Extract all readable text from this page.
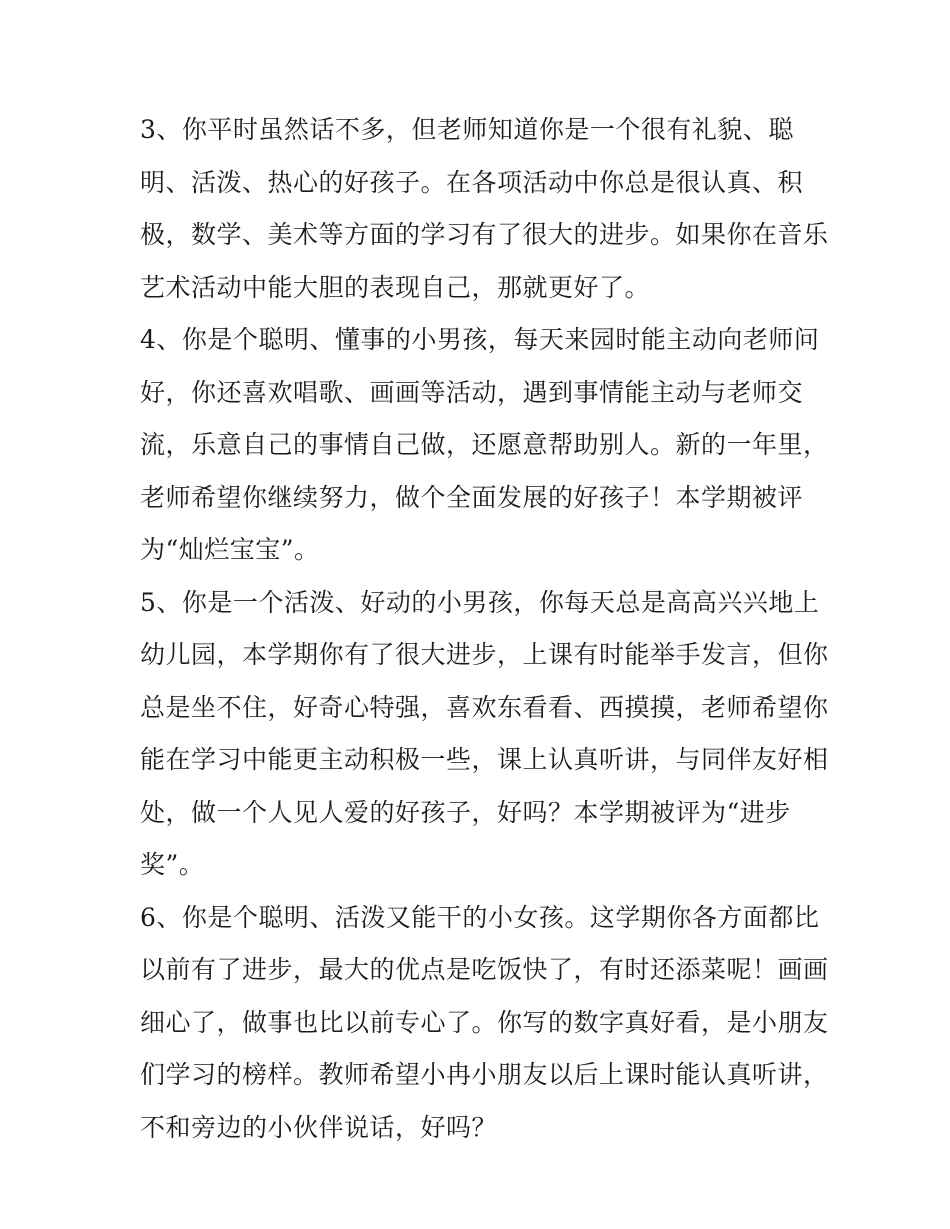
3、你平时虽然话不多，但老师知道你是一个很有礼貌、聪
明、活泼、热心的好孩子。在各项活动中你总是很认真、积
极，数学、美术等方面的学习有了很大的进步。如果你在音乐
艺术活动中能大胆的表现自己，那就更好了。
4、你是个聪明、懂事的小男孩，每天来园时能主动向老师问
好，你还喜欢唱歌、画画等活动，遇到事情能主动与老师交
流，乐意自己的事情自己做，还愿意帮助别人。新的一年里，
老师希望你继续努力，做个全面发展的好孩子！本学期被评
为“灿烂宝宝”。
5、你是一个活泼、好动的小男孩，你每天总是高高兴兴地上
幼儿园，本学期你有了很大进步，上课有时能举手发言，但你
总是坐不住，好奇心特强，喜欢东看看、西摸摸，老师希望你
能在学习中能更主动积极一些，课上认真听讲，与同伴友好相
处，做一个人见人爱的好孩子，好吗？本学期被评为“进步
奖”。
6、你是个聪明、活泼又能干的小女孩。这学期你各方面都比
以前有了进步，最大的优点是吃饭快了，有时还添菜呢！画画
细心了，做事也比以前专心了。你写的数字真好看，是小朋友
们学习的榜样。教师希望小冉小朋友以后上课时能认真听讲，
不和旁边的小伙伴说话，好吗？
